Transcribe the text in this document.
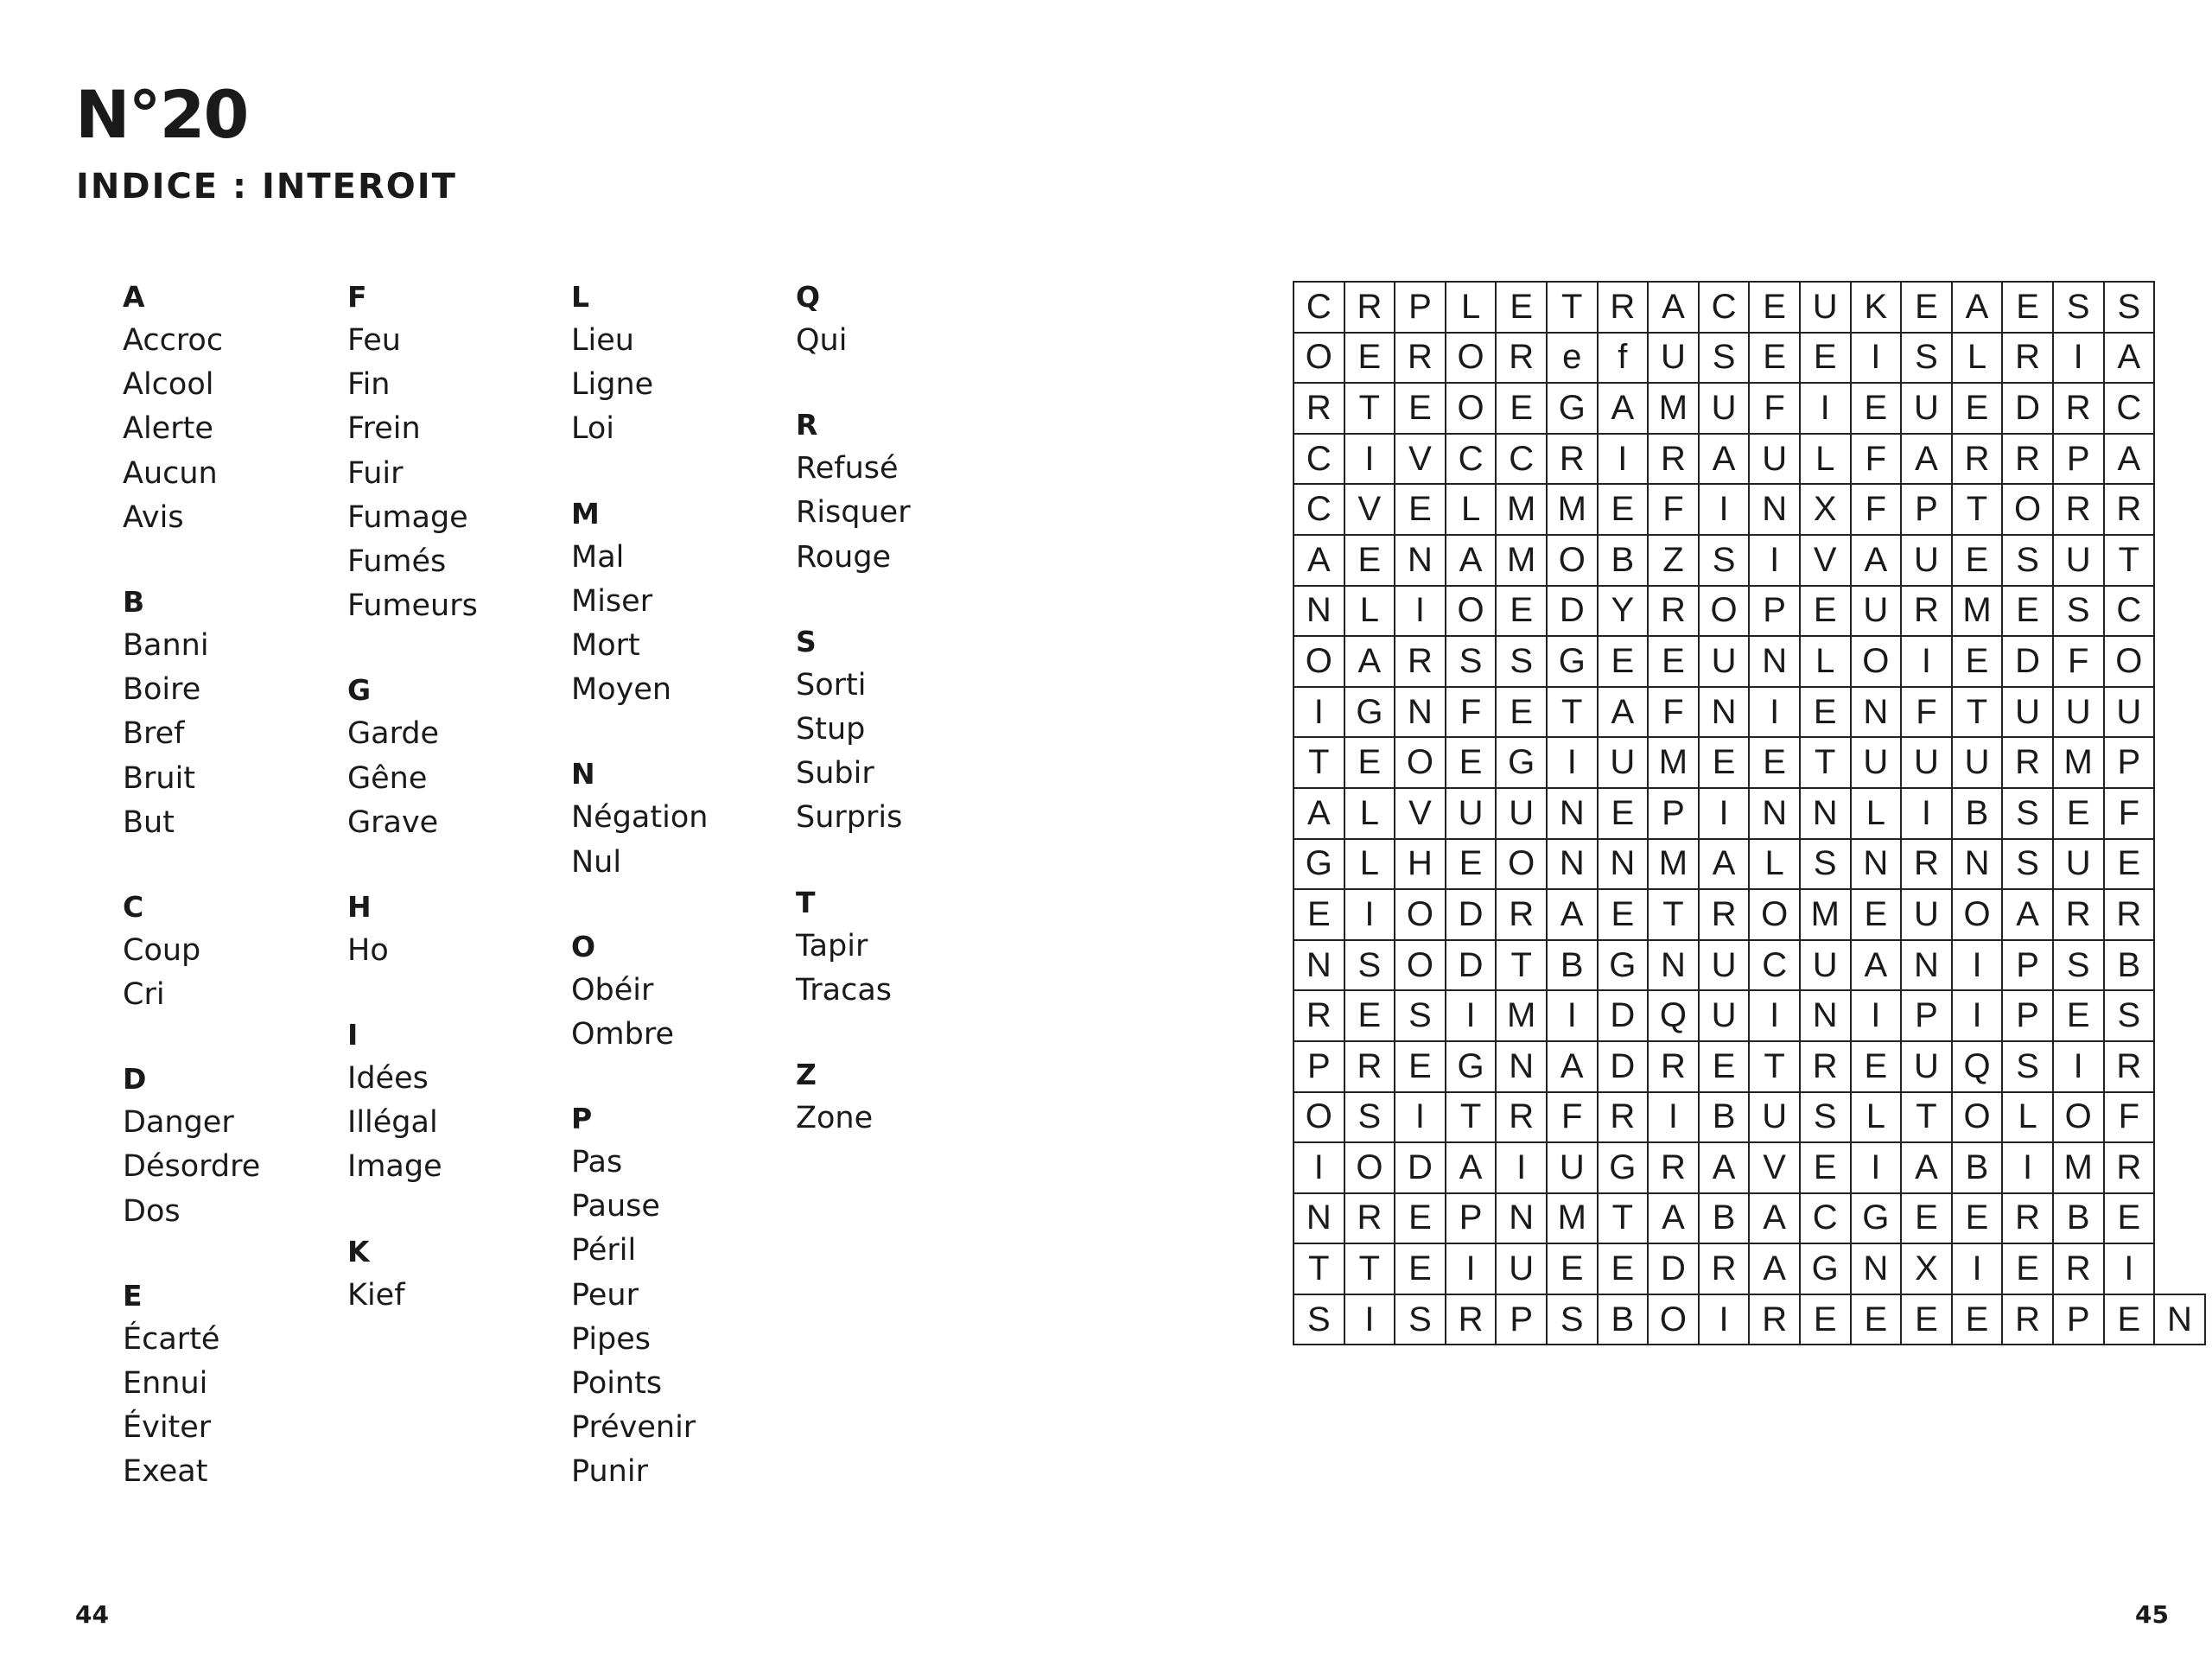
N°20
INDICE : INTEROIT
A
Accroc
Alcool
Alerte
Aucun
Avis
B
Banni
Boire
Bref
Bruit
But
C
Coup
Cri
D
Danger
Désordre
Dos
E
Écarté
Ennui
Éviter
Exeat
F
Feu
Fin
Frein
Fuir
Fumage
Fumés
Fumeurs
G
Garde
Gêne
Grave
H
Ho
I
Idées
Illégal
Image
K
Kief
L
Lieu
Ligne
Loi
M
Mal
Miser
Mort
Moyen
N
Négation
Nul
O
Obéir
Ombre
P
Pas
Pause
Péril
Peur
Pipes
Points
Prévenir
Punir
Q
Qui
R
Refusé
Risquer
Rouge
S
Sorti
Stup
Subir
Surpris
T
Tapir
Tracas
Z
Zone
C	R	P	L	E	T	R	A	C	E	U	K	E	A	E	S	S	
O	E	R	O	R	e	f	U	S	E	E	I	S	L	R	I	A	
R	T	E	O	E	G	A	M	U	F	I	E	U	E	D	R	C	
C	I	V	C	C	R	I	R	A	U	L	F	A	R	R	P	A	
C	V	E	L	M	M	E	F	I	N	X	F	P	T	O	R	R	
A	E	N	A	M	O	B	Z	S	I	V	A	U	E	S	U	T	
N	L	I	O	E	D	Y	R	O	P	E	U	R	M	E	S	C	
O	A	R	S	S	G	E	E	U	N	L	O	I	E	D	F	O	
I	G	N	F	E	T	A	F	N	I	E	N	F	T	U	U	U	
T	E	O	E	G	I	U	M	E	E	T	U	U	U	R	M	P	
A	L	V	U	U	N	E	P	I	N	N	L	I	B	S	E	F	
G	L	H	E	O	N	N	M	A	L	S	N	R	N	S	U	E	
E	I	O	D	R	A	E	T	R	O	M	E	U	O	A	R	R	
N	S	O	D	T	B	G	N	U	C	U	A	N	I	P	S	B	
R	E	S	I	M	I	D	Q	U	I	N	I	P	I	P	E	S	
P	R	E	G	N	A	D	R	E	T	R	E	U	Q	S	I	R	
O	S	I	T	R	F	R	I	B	U	S	L	T	O	L	O	F	
I	O	D	A	I	U	G	R	A	V	E	I	A	B	I	M	R	
N	R	E	P	N	M	T	A	B	A	C	G	E	E	R	B	E	
T	T	E	I	U	E	E	D	R	A	G	N	X	I	E	R	I	
S	I	S	R	P	S	B	O	I	R	E	E	E	E	R	P	E	N
44	45
